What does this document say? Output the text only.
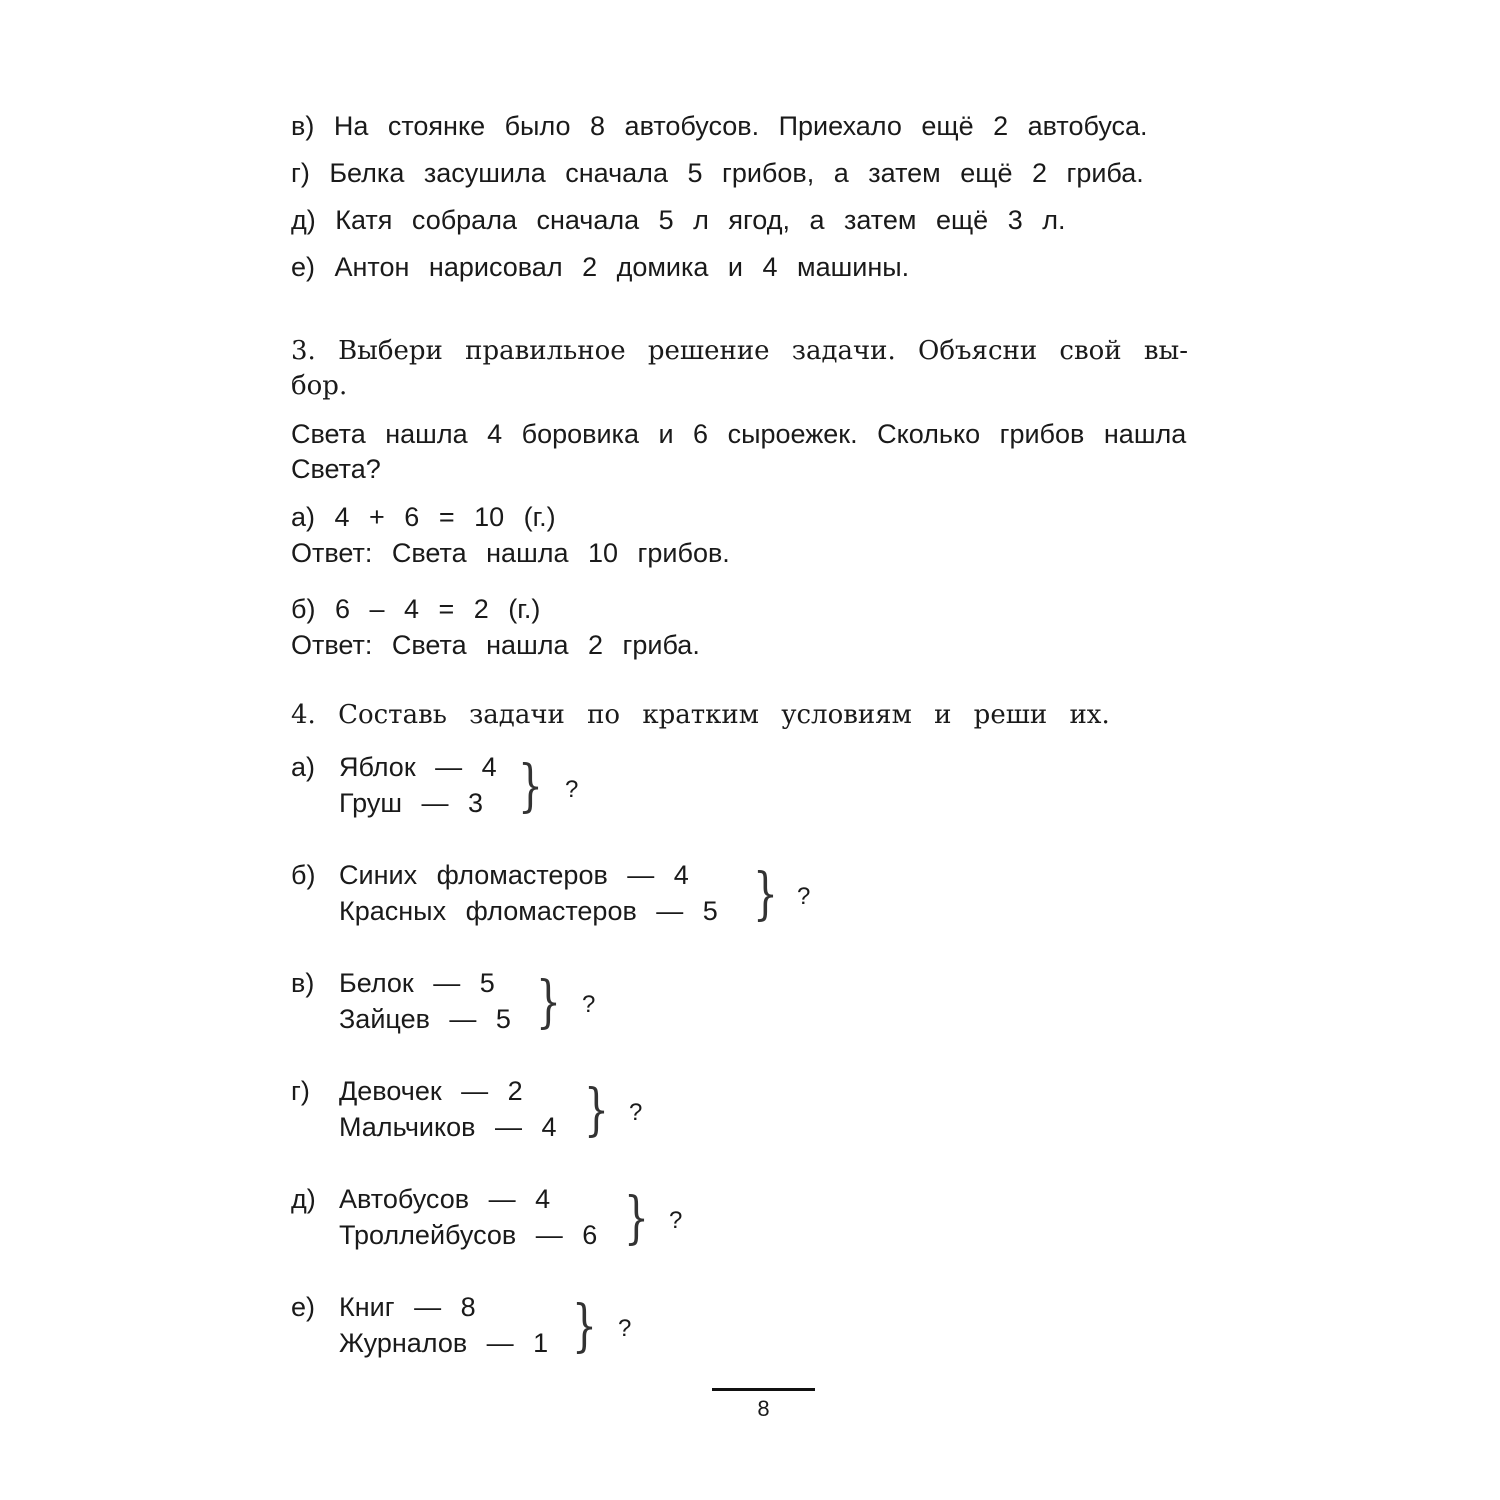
в) На стоянке было 8 автобусов. Приехало ещё 2 автобуса.
г) Белка засушила сначала 5 грибов, а затем ещё 2 гриба.
д) Катя собрала сначала 5 л ягод, а затем ещё 3 л.
е) Антон нарисовал 2 домика и 4 машины.
3. Выбери правильное решение задачи. Объясни свой вы-
бор.
Света нашла 4 боровика и 6 сыроежек. Сколько грибов нашла
Света?
а) 4 + 6 = 10 (г.)
Ответ: Света нашла 10 грибов.
б) 6 – 4 = 2 (г.)
Ответ: Света нашла 2 гриба.
4. Составь задачи по кратким условиям и реши их.
а) Яблок — 4
Груш — 3 } ?
б) Синих фломастеров — 4
Красных фломастеров — 5 } ?
в) Белок — 5
Зайцев — 5 } ?
г) Девочек — 2
Мальчиков — 4 } ?
д) Автобусов — 4
Троллейбусов — 6 } ?
е) Книг — 8
Журналов — 1 } ?
8
